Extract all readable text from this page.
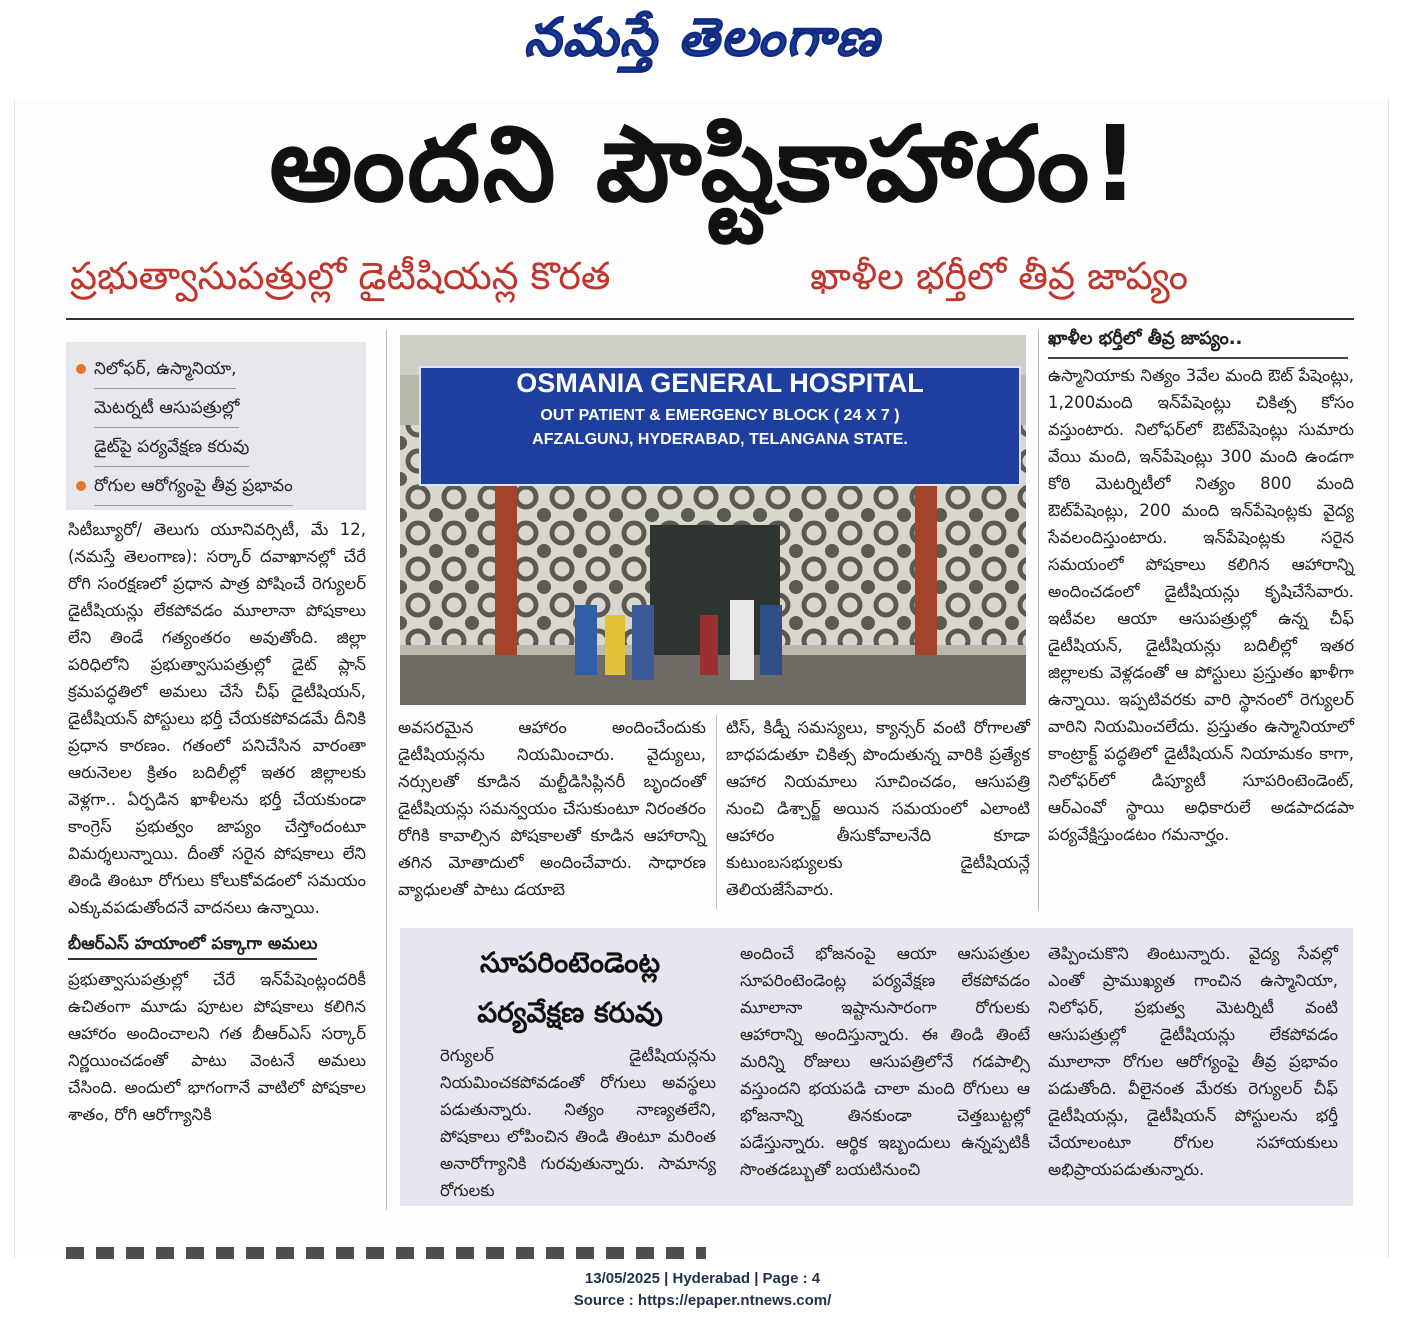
నమస్తే తెలంగాణ
అందని పౌష్టికాహారం!
ప్రభుత్వాసుపత్రుల్లో డైటీషియన్ల కొరత	ఖాళీల భర్తీలో తీవ్ర జాప్యం
నిలోఫర్, ఉస్మానియా,
మెటర్నటీ ఆసుపత్రుల్లో
డైట్‌పై పర్యవేక్షణ కరువు
రోగుల ఆరోగ్యంపై తీవ్ర ప్రభావం
సిటీబ్యూరో/ తెలుగు యూనివర్సిటీ, మే 12,(నమస్తే తెలంగాణ): సర్కార్ దవాఖానల్లో చేరే రోగి సంరక్షణలో ప్రధాన పాత్ర పోషించే రెగ్యులర్ డైటీషియన్లు లేకపోవడం మూలానా పోషకాలు లేని తిండే గత్యంతరం అవుతోంది. జిల్లా పరిధిలోని ప్రభుత్వాసుపత్రుల్లో డైట్ ప్లాన్ క్రమపద్ధతిలో అమలు చేసే చీఫ్ డైటీషియన్, డైటీషియన్ పోస్టులు భర్తీ చేయకపోవడమే దీనికి ప్రధాన కారణం. గతంలో పనిచేసిన వారంతా ఆరునెలల క్రితం బదిలీల్లో ఇతర జిల్లాలకు వెళ్లగా.. ఏర్పడిన ఖాళీలను భర్తీ చేయకుండా కాంగ్రెస్ ప్రభుత్వం జాప్యం చేస్తోందంటూ విమర్శలున్నాయి. దీంతో సరైన పోషకాలు లేని తిండి తింటూ రోగులు కోలుకోవడంలో సమయం ఎక్కువపడుతోందనే వాదనలు ఉన్నాయి.
బీఆర్ఎస్ హయాంలో పక్కాగా అమలు
ప్రభుత్వాసుపత్రుల్లో చేరే ఇన్‌పేషెంట్లందరికీ ఉచితంగా మూడు పూటల పోషకాలు కలిగిన ఆహారం అందించాలని గత బీఆర్ఎస్ సర్కార్ నిర్ణయించడంతో పాటు వెంటనే అమలు చేసింది. అందులో భాగంగానే వాటిలో పోషకాల శాతం, రోగి ఆరోగ్యానికి
OSMANIA GENERAL HOSPITAL
OUT PATIENT & EMERGENCY BLOCK ( 24 X 7 )
AFZALGUNJ, HYDERABAD, TELANGANA STATE.
అవసరమైన ఆహారం అందించేందుకు డైటీషియన్లను నియమించారు. వైద్యులు, నర్సులతో కూడిన మల్టీడిసిప్లినరీ బృందంతో డైటీషియన్లు సమన్వయం చేసుకుంటూ నిరంతరం రోగికి కావాల్సిన పోషకాలతో కూడిన ఆహారాన్ని తగిన మోతాదులో అందించేవారు. సాధారణ వ్యాధులతో పాటు డయాబె
టిస్, కిడ్నీ సమస్యలు, క్యాన్సర్ వంటి రోగాలతో బాధపడుతూ చికిత్స పొందుతున్న వారికి ప్రత్యేక ఆహార నియమాలు సూచించడం, ఆసుపత్రి నుంచి డిశ్చార్జ్ అయిన సమయంలో ఎలాంటి ఆహారం తీసుకోవాలనేది కూడా కుటుంబసభ్యులకు డైటీషియన్లే తెలియజేసేవారు.
ఖాళీల భర్తీలో తీవ్ర జాప్యం..
ఉస్మానియాకు నిత్యం 3వేల మంది ఔట్ పేషెంట్లు, 1,200మంది ఇన్‌పేషెంట్లు చికిత్స కోసం వస్తుంటారు. నిలోఫర్‌లో ఔట్‌పేషెంట్లు సుమారు వేయి మంది, ఇన్‌పేషెంట్లు 300 మంది ఉండగా కోఠి మెటర్నిటీలో నిత్యం 800 మంది ఔట్‌పేషెంట్లు, 200 మంది ఇన్‌పేషెంట్లకు వైద్య సేవలందిస్తుంటారు. ఇన్‌పేషెంట్లకు సరైన సమయంలో పోషకాలు కలిగిన ఆహారాన్ని అందించడంలో డైటీషియన్లు కృషిచేసేవారు. ఇటీవల ఆయా ఆసుపత్రుల్లో ఉన్న చీఫ్ డైటీషియన్, డైటీషియన్లు బదిలీల్లో ఇతర జిల్లాలకు వెళ్లడంతో ఆ పోస్టులు ప్రస్తుతం ఖాళీగా ఉన్నాయి. ఇప్పటివరకు వారి స్థానంలో రెగ్యులర్ వారిని నియమించలేదు. ప్రస్తుతం ఉస్మానియాలో కాంట్రాక్ట్ పద్ధతిలో డైటీషియన్ నియామకం కాగా, నిలోఫర్‌లో డిప్యూటీ సూపరింటెండెంట్, ఆర్ఎంవో స్థాయి అధికారులే అడపాదడపా పర్యవేక్షిస్తుండటం గమనార్హం.
సూపరింటెండెంట్ల
పర్యవేక్షణ కరువు
రెగ్యులర్ డైటీషియన్లను నియమించకపోవడంతో రోగులు అవస్థలు పడుతున్నారు. నిత్యం నాణ్యతలేని, పోషకాలు లోపించిన తిండి తింటూ మరింత అనారోగ్యానికి గురవుతున్నారు. సామాన్య రోగులకు
అందించే భోజనంపై ఆయా ఆసుపత్రుల సూపరింటెండెంట్ల పర్యవేక్షణ లేకపోవడం మూలానా ఇష్టానుసారంగా రోగులకు ఆహారాన్ని అందిస్తున్నారు. ఈ తిండి తింటే మరిన్ని రోజులు ఆసుపత్రిలోనే గడపాల్సి వస్తుందని భయపడి చాలా మంది రోగులు ఆ భోజనాన్ని తినకుండా చెత్తబుట్టల్లో పడేస్తున్నారు. ఆర్థిక ఇబ్బందులు ఉన్నప్పటికీ సొంతడబ్బుతో బయటినుంచి
తెప్పించుకొని తింటున్నారు. వైద్య సేవల్లో ఎంతో ప్రాముఖ్యత గాంచిన ఉస్మానియా, నిలోఫర్, ప్రభుత్వ మెటర్నిటీ వంటి ఆసుపత్రుల్లో డైటీషియన్లు లేకపోవడం మూలానా రోగుల ఆరోగ్యంపై తీవ్ర ప్రభావం పడుతోంది. వీలైనంత మేరకు రెగ్యులర్ చీఫ్ డైటీషియన్లు, డైటీషియన్ పోస్టులను భర్తీ చేయాలంటూ రోగుల సహాయకులు అభిప్రాయపడుతున్నారు.
13/05/2025 | Hyderabad | Page : 4
Source : https://epaper.ntnews.com/
